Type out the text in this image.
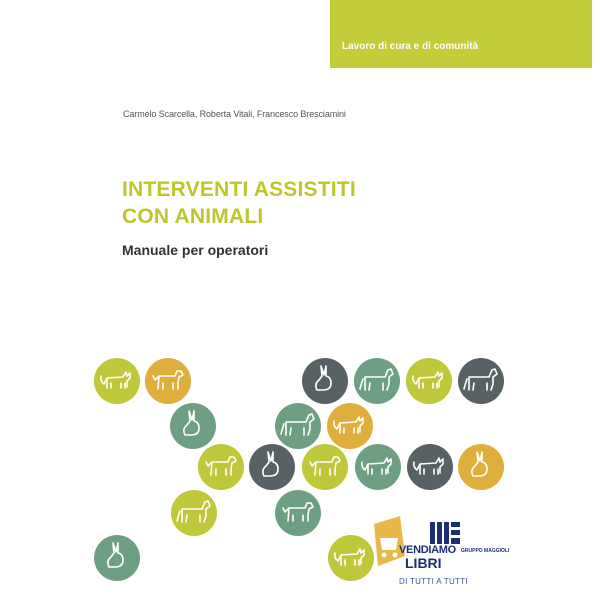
Lavoro di cura e di comunità
Carmelo Scarcella, Roberta Vitali, Francesco Bresciamini
INTERVENTI ASSISTITI
CON ANIMALI
Manuale per operatori
GRUPPO MAGGIOLI
VENDIAMO
LIBRI
DI TUTTI A TUTTI
